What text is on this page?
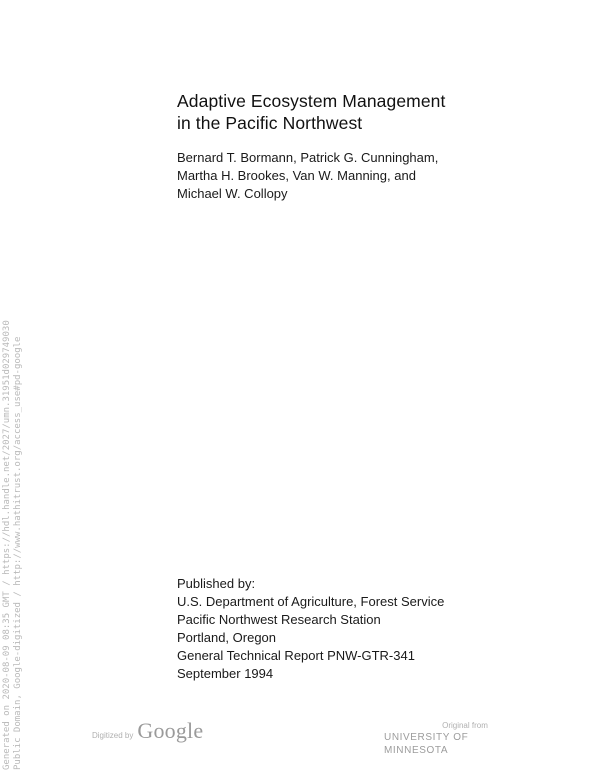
Adaptive Ecosystem Management
in the Pacific Northwest
Bernard T. Bormann, Patrick G. Cunningham,
Martha H. Brookes, Van W. Manning, and
Michael W. Collopy
Published by:
U.S. Department of Agriculture, Forest Service
Pacific Northwest Research Station
Portland, Oregon
General Technical Report PNW-GTR-341
September 1994
Generated on 2020-08-09 08:35 GMT / https://hdl.handle.net/2027/umn.31951d029749030 Public Domain, Google-digitized / http://www.hathitrust.org/access_use#pd-google	Digitized by Google	Original from
UNIVERSITY OF MINNESOTA
